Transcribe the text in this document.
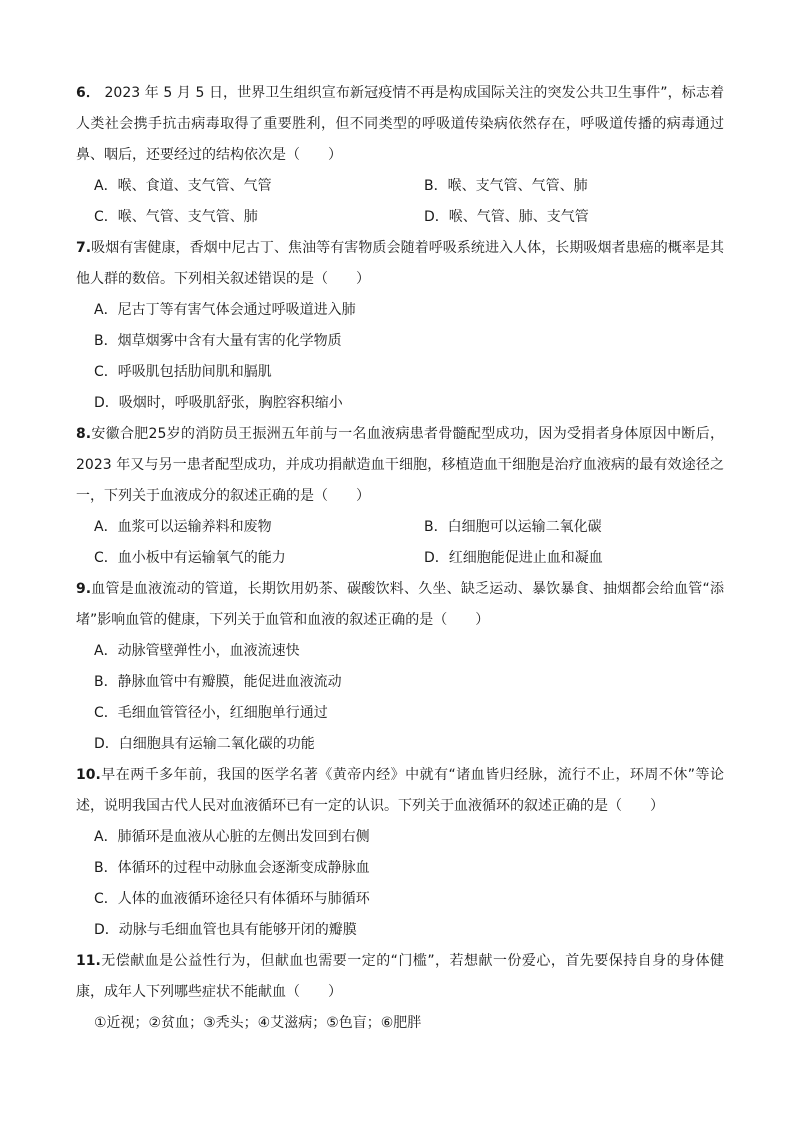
6． 2023 年 5 月 5 日，世界卫生组织宣布新冠疫情不再是构成国际关注的突发公共卫生事件”，标志着人类社会携手抗击病毒取得了重要胜利，但不同类型的呼吸道传染病依然存在，呼吸道传播的病毒通过鼻、咽后，还要经过的结构依次是（　　）

A．喉、食道、支气管、气管	B．喉、支气管、气管、肺
C．喉、气管、支气管、肺	D．喉、气管、肺、支气管

7.吸烟有害健康，香烟中尼古丁、焦油等有害物质会随着呼吸系统进入人体，长期吸烟者患癌的概率是其他人群的数倍。下列相关叙述错误的是（　　）

A．尼古丁等有害气体会通过呼吸道进入肺
B．烟草烟雾中含有大量有害的化学物质
C．呼吸肌包括肋间肌和膈肌
D．吸烟时，呼吸肌舒张，胸腔容积缩小

8.安徽合肥25岁的消防员王振洲五年前与一名血液病患者骨髓配型成功，因为受捐者身体原因中断后，2023 年又与另一患者配型成功，并成功捐献造血干细胞，移植造血干细胞是治疗血液病的最有效途径之一，下列关于血液成分的叙述正确的是（　　）

A．血浆可以运输养料和废物	B．白细胞可以运输二氧化碳
C．血小板中有运输氧气的能力	D．红细胞能促进止血和凝血

9.血管是血液流动的管道，长期饮用奶茶、碳酸饮料、久坐、缺乏运动、暴饮暴食、抽烟都会给血管“添堵”影响血管的健康，下列关于血管和血液的叙述正确的是（　　）

A．动脉管壁弹性小，血液流速快
B．静脉血管中有瓣膜，能促进血液流动
C．毛细血管管径小，红细胞单行通过
D．白细胞具有运输二氧化碳的功能

10.早在两千多年前，我国的医学名著《黄帝内经》中就有“诸血皆归经脉，流行不止，环周不休”等论述，说明我国古代人民对血液循环已有一定的认识。下列关于血液循环的叙述正确的是（　　）

A．肺循环是血液从心脏的左侧出发回到右侧
B．体循环的过程中动脉血会逐渐变成静脉血
C．人体的血液循环途径只有体循环与肺循环
D．动脉与毛细血管也具有能够开闭的瓣膜

11.无偿献血是公益性行为，但献血也需要一定的“门槛”，若想献一份爱心，首先要保持自身的身体健康，成年人下列哪些症状不能献血（　　）

①近视；②贫血；③秃头；④艾滋病；⑤色盲；⑥肥胖
